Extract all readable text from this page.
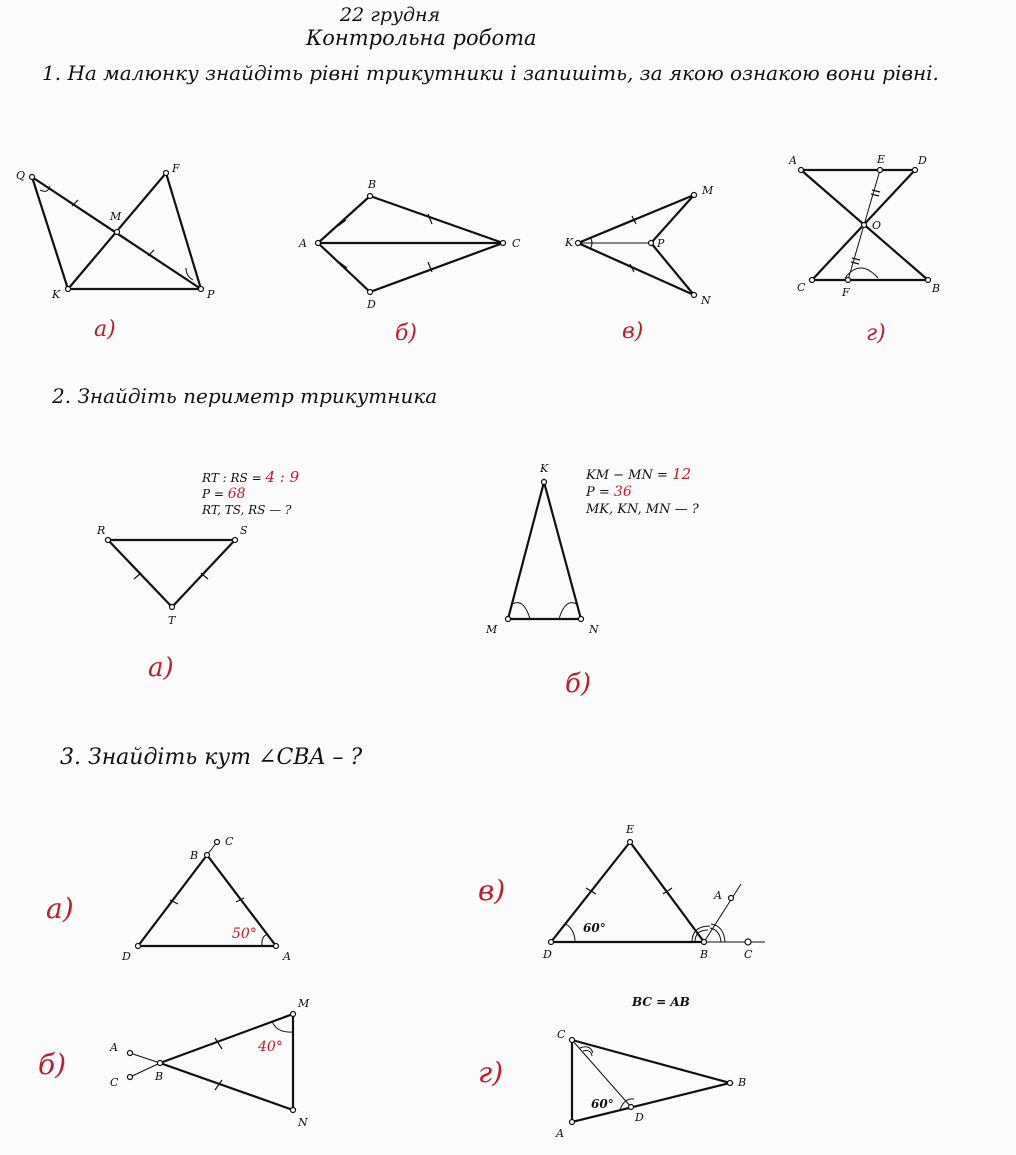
22 грудня
Контрольна робота
1. На малюнку знайдіть рівні трикутники і запишіть, за якою ознакою вони рівні.
2. Знайдіть периметр трикутника
3. Знайдіть кут ∠CBA – ?
Q
F
M
K	P
а)
B
A	C
D
б)
M
K	P
N
в)
A	E	D
O
C	F	B
г)
RT : RS = 4 : 9
P = 68
RT, TS, RS — ?
R	S
T
а)
KM − MN = 12
P = 36
MK, KN, MN — ?
K
M	N
б)
B
C
D	A
50°
а)
M
A
C	B
N
40°
б)
E
A
D	B	C
60°
в)
BC = AB
C
B
D
A
60°
г)
